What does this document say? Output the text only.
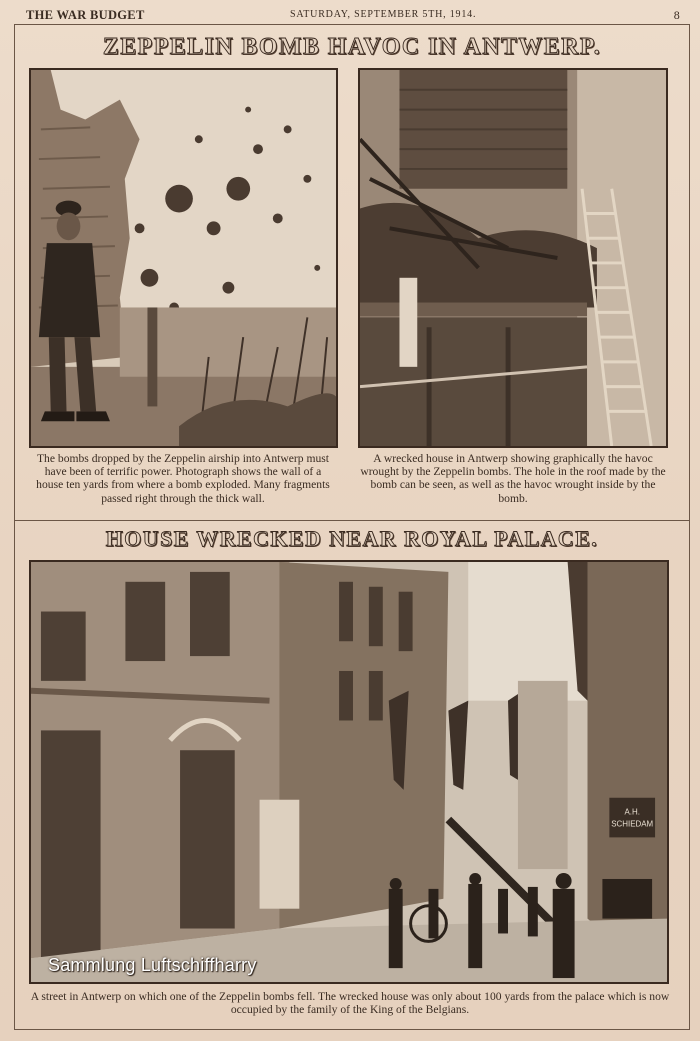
THE WAR BUDGET	SATURDAY, SEPTEMBER 5TH, 1914.	8
ZEPPELIN BOMB HAVOC IN ANTWERP.
The bombs dropped by the Zeppelin airship into Antwerp must have been of terrific power. Photograph shows the wall of a house ten yards from where a bomb exploded. Many fragments passed right through the thick wall.
A wrecked house in Antwerp showing graphically the havoc wrought by the Zeppelin bombs. The hole in the roof made by the bomb can be seen, as well as the havoc wrought inside by the bomb.
HOUSE WRECKED NEAR ROYAL PALACE.
A.H.
SCHIEDAM
Sammlung Luftschiffharry
A street in Antwerp on which one of the Zeppelin bombs fell. The wrecked house was only about 100 yards from the palace which is now occupied by the family of the King of the Belgians.
